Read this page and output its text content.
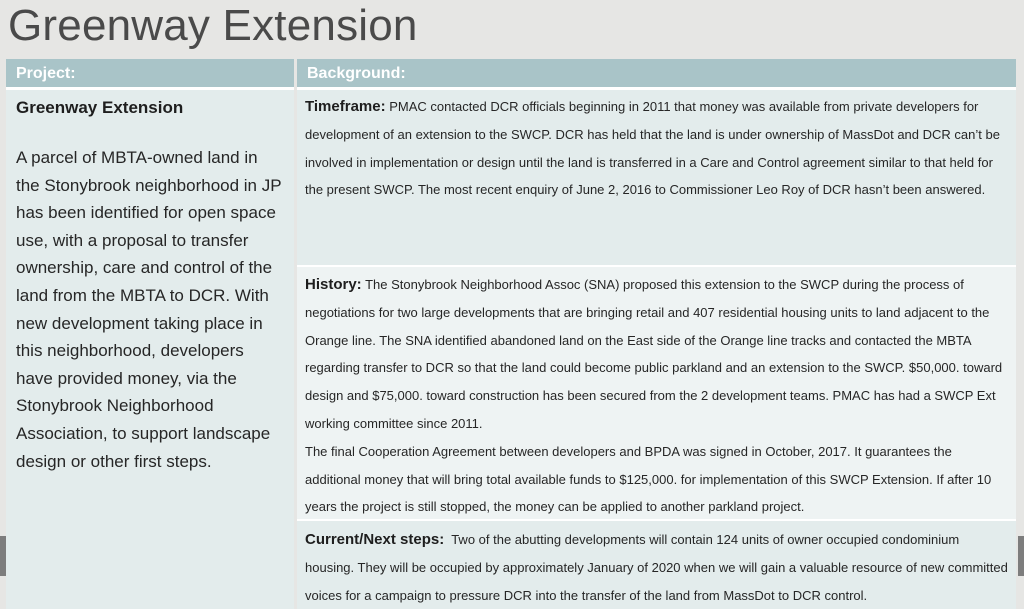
Greenway Extension
Project:	Background:
Greenway Extension

A parcel of MBTA-owned land in the Stonybrook neighborhood in JP has been identified for open space use, with a proposal to transfer ownership, care and control of the land from the MBTA to DCR. With new development taking place in this neighborhood, developers have provided money, via the Stonybrook Neighborhood Association, to support landscape design or other first steps.

Timeframe: PMAC contacted DCR officials beginning in 2011 that money was available from private developers for development of an extension to the SWCP. DCR has held that the land is under ownership of MassDot and DCR can’t be involved in implementation or design until the land is transferred in a Care and Control agreement similar to that held for the present SWCP. The most recent enquiry of June 2, 2016 to Commissioner Leo Roy of DCR hasn’t been answered.

History: The Stonybrook Neighborhood Assoc (SNA) proposed this extension to the SWCP during the process of negotiations for two large developments that are bringing retail and 407 residential housing units to land adjacent to the Orange line. The SNA identified abandoned land on the East side of the Orange line tracks and contacted the MBTA regarding transfer to DCR so that the land could become public parkland and an extension to the SWCP. $50,000. toward design and $75,000. toward construction has been secured from the 2 development teams. PMAC has had a SWCP Ext working committee since 2011.

The final Cooperation Agreement between developers and BPDA was signed in October, 2017. It guarantees the additional money that will bring total available funds to $125,000. for implementation of this SWCP Extension. If after 10 years the project is still stopped, the money can be applied to another parkland project.

Current/Next steps: Two of the abutting developments will contain 124 units of owner occupied condominium housing. They will be occupied by approximately January of 2020 when we will gain a valuable resource of new committed voices for a campaign to pressure DCR into the transfer of the land from MassDot to DCR control.
